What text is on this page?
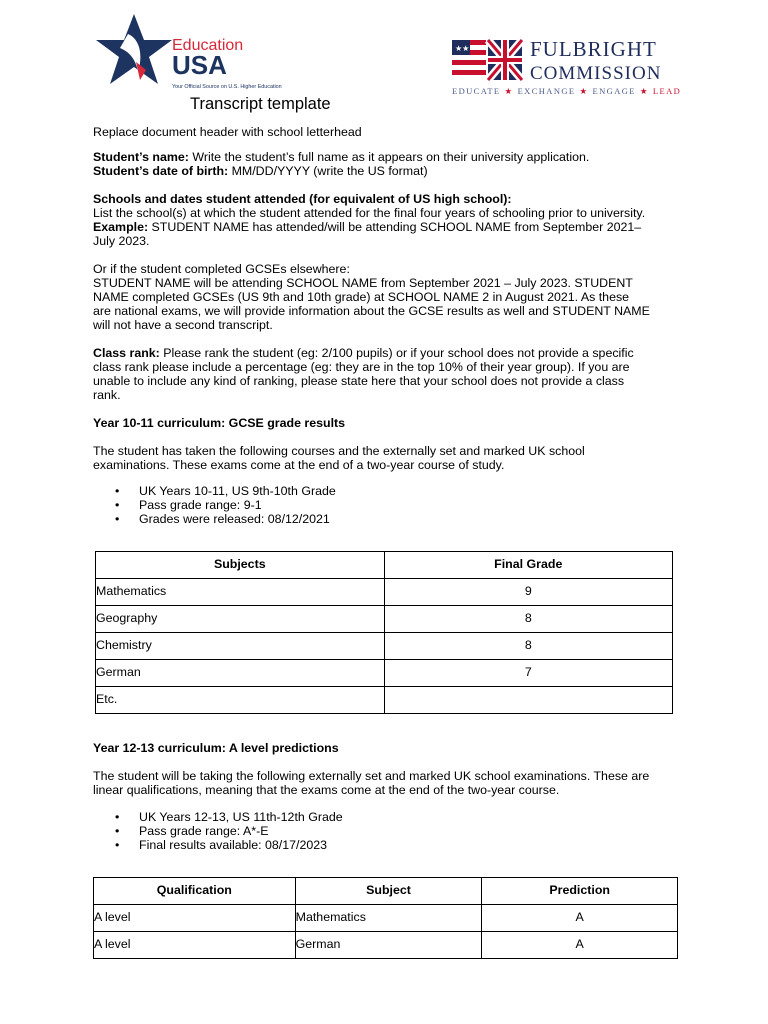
Education
USA
Your Official Source on U.S. Higher Education
★★	FULBRIGHT
COMMISSION
EDUCATE ★ EXCHANGE ★ ENGAGE ★ LEAD
Transcript template
Replace document header with school letterhead

Student’s name: Write the student’s full name as it appears on their university application.

Student’s date of birth: MM/DD/YYYY (write the US format)

Schools and dates student attended (for equivalent of US high school):

List the school(s) at which the student attended for the final four years of schooling prior to university.

Example: STUDENT NAME has attended/will be attending SCHOOL NAME from September 2021–

July 2023.

Or if the student completed GCSEs elsewhere:

STUDENT NAME will be attending SCHOOL NAME from September 2021 – July 2023. STUDENT

NAME completed GCSEs (US 9th and 10th grade) at SCHOOL NAME 2 in August 2021. As these

are national exams, we will provide information about the GCSE results as well and STUDENT NAME

will not have a second transcript.

Class rank: Please rank the student (eg: 2/100 pupils) or if your school does not provide a specific

class rank please include a percentage (eg: they are in the top 10% of their year group). If you are

unable to include any kind of ranking, please state here that your school does not provide a class

rank.

Year 10-11 curriculum: GCSE grade results

The student has taken the following courses and the externally set and marked UK school

examinations. These exams come at the end of a two-year course of study.

• UK Years 10-11, US 9th-10th Grade
• Pass grade range: 9-1
• Grades were released: 08/12/2021
Subjects	Final Grade
Mathematics	9
Geography	8
Chemistry	8
German	7
Etc.	
Year 12-13 curriculum: A level predictions

The student will be taking the following externally set and marked UK school examinations. These are

linear qualifications, meaning that the exams come at the end of the two-year course.

• UK Years 12-13, US 11th-12th Grade
• Pass grade range: A*-E
• Final results available: 08/17/2023
Qualification	Subject	Prediction
A level	Mathematics	A
A level	German	A
